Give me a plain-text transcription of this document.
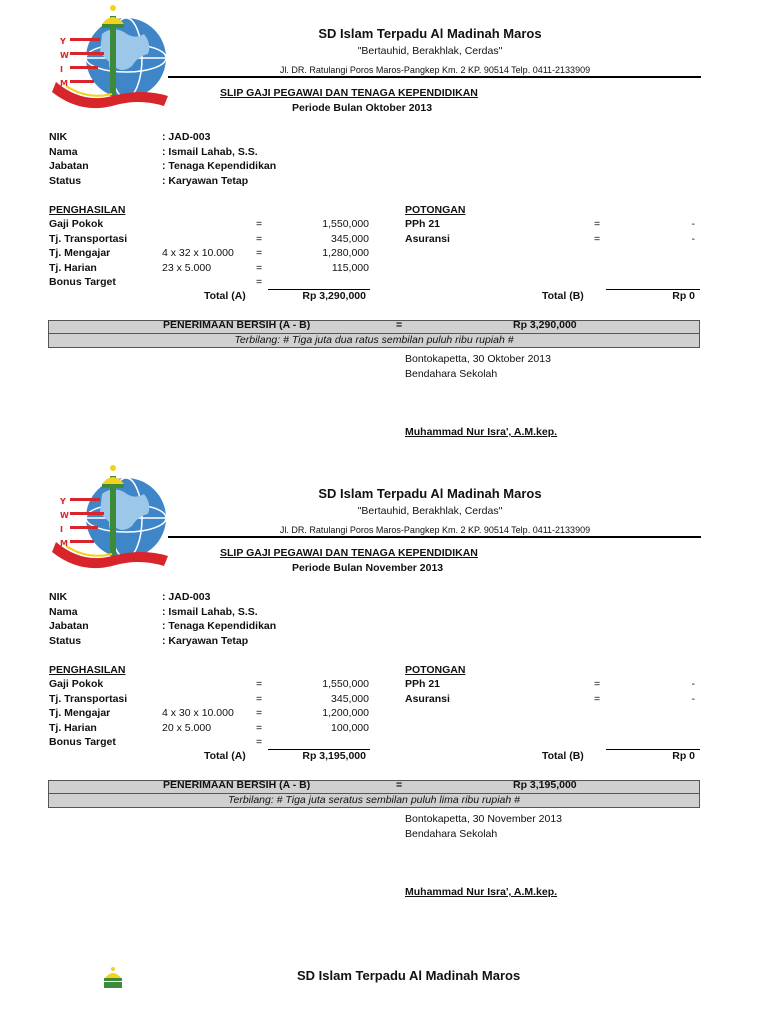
Y
W
I
M
SD Islam Terpadu Al Madinah Maros
"Bertauhid, Berakhlak, Cerdas"
Jl. DR. Ratulangi Poros Maros-Pangkep Km. 2 KP. 90514 Telp. 0411-2133909
SLIP GAJI PEGAWAI DAN TENAGA KEPENDIDIKAN
Periode Bulan Oktober 2013
NIK	: JAD-003
Nama	: Ismail Lahab, S.S.
Jabatan	: Tenaga Kependidikan
Status	: Karyawan Tetap
PENGHASILAN
Gaji Pokok	=	1,550,000
Tj. Transportasi	=	345,000
Tj. Mengajar	4 x 32 x 10.000 =	1,280,000
Tj. Harian	23 x 5.000	=	115,000
Bonus Target	=
Total (A)	Rp 3,290,000
POTONGAN
PPh 21	=	-
Asuransi	=	-
Total (B)	Rp 0
PENERIMAAN BERSIH (A - B)	=	Rp 3,290,000
Terbilang: # Tiga juta dua ratus sembilan puluh ribu rupiah #
Bontokapetta, 30 Oktober 2013
Bendahara Sekolah
Muhammad Nur Isra', A.M.kep.
Y
W
I
M
SD Islam Terpadu Al Madinah Maros
"Bertauhid, Berakhlak, Cerdas"
Jl. DR. Ratulangi Poros Maros-Pangkep Km. 2 KP. 90514 Telp. 0411-2133909
SLIP GAJI PEGAWAI DAN TENAGA KEPENDIDIKAN
Periode Bulan November 2013
NIK	: JAD-003
Nama	: Ismail Lahab, S.S.
Jabatan	: Tenaga Kependidikan
Status	: Karyawan Tetap
PENGHASILAN
Gaji Pokok	=	1,550,000
Tj. Transportasi	=	345,000
Tj. Mengajar	4 x 30 x 10.000 =	1,200,000
Tj. Harian	20 x 5.000	=	100,000
Bonus Target	=
Total (A)	Rp 3,195,000
POTONGAN
PPh 21	=	-
Asuransi	=	-
Total (B)	Rp 0
PENERIMAAN BERSIH (A - B)	=	Rp 3,195,000
Terbilang: # Tiga juta seratus sembilan puluh lima ribu rupiah #
Bontokapetta, 30 November 2013
Bendahara Sekolah
Muhammad Nur Isra', A.M.kep.
SD Islam Terpadu Al Madinah Maros
